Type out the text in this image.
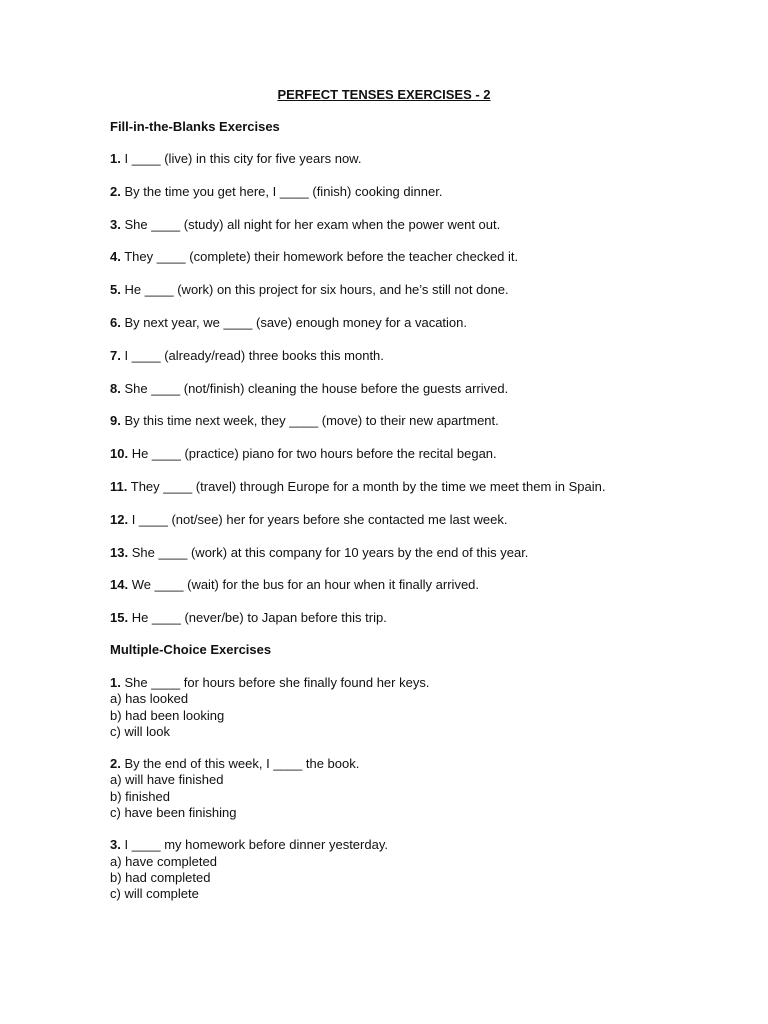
PERFECT TENSES EXERCISES - 2
Fill-in-the-Blanks Exercises
1. I ____ (live) in this city for five years now.
2. By the time you get here, I ____ (finish) cooking dinner.
3. She ____ (study) all night for her exam when the power went out.
4. They ____ (complete) their homework before the teacher checked it.
5. He ____ (work) on this project for six hours, and he’s still not done.
6. By next year, we ____ (save) enough money for a vacation.
7. I ____ (already/read) three books this month.
8. She ____ (not/finish) cleaning the house before the guests arrived.
9. By this time next week, they ____ (move) to their new apartment.
10. He ____ (practice) piano for two hours before the recital began.
11. They ____ (travel) through Europe for a month by the time we meet them in Spain.
12. I ____ (not/see) her for years before she contacted me last week.
13. She ____ (work) at this company for 10 years by the end of this year.
14. We ____ (wait) for the bus for an hour when it finally arrived.
15. He ____ (never/be) to Japan before this trip.
Multiple-Choice Exercises
1. She ____ for hours before she finally found her keys.
a) has looked
b) had been looking
c) will look
2. By the end of this week, I ____ the book.
a) will have finished
b) finished
c) have been finishing
3. I ____ my homework before dinner yesterday.
a) have completed
b) had completed
c) will complete
